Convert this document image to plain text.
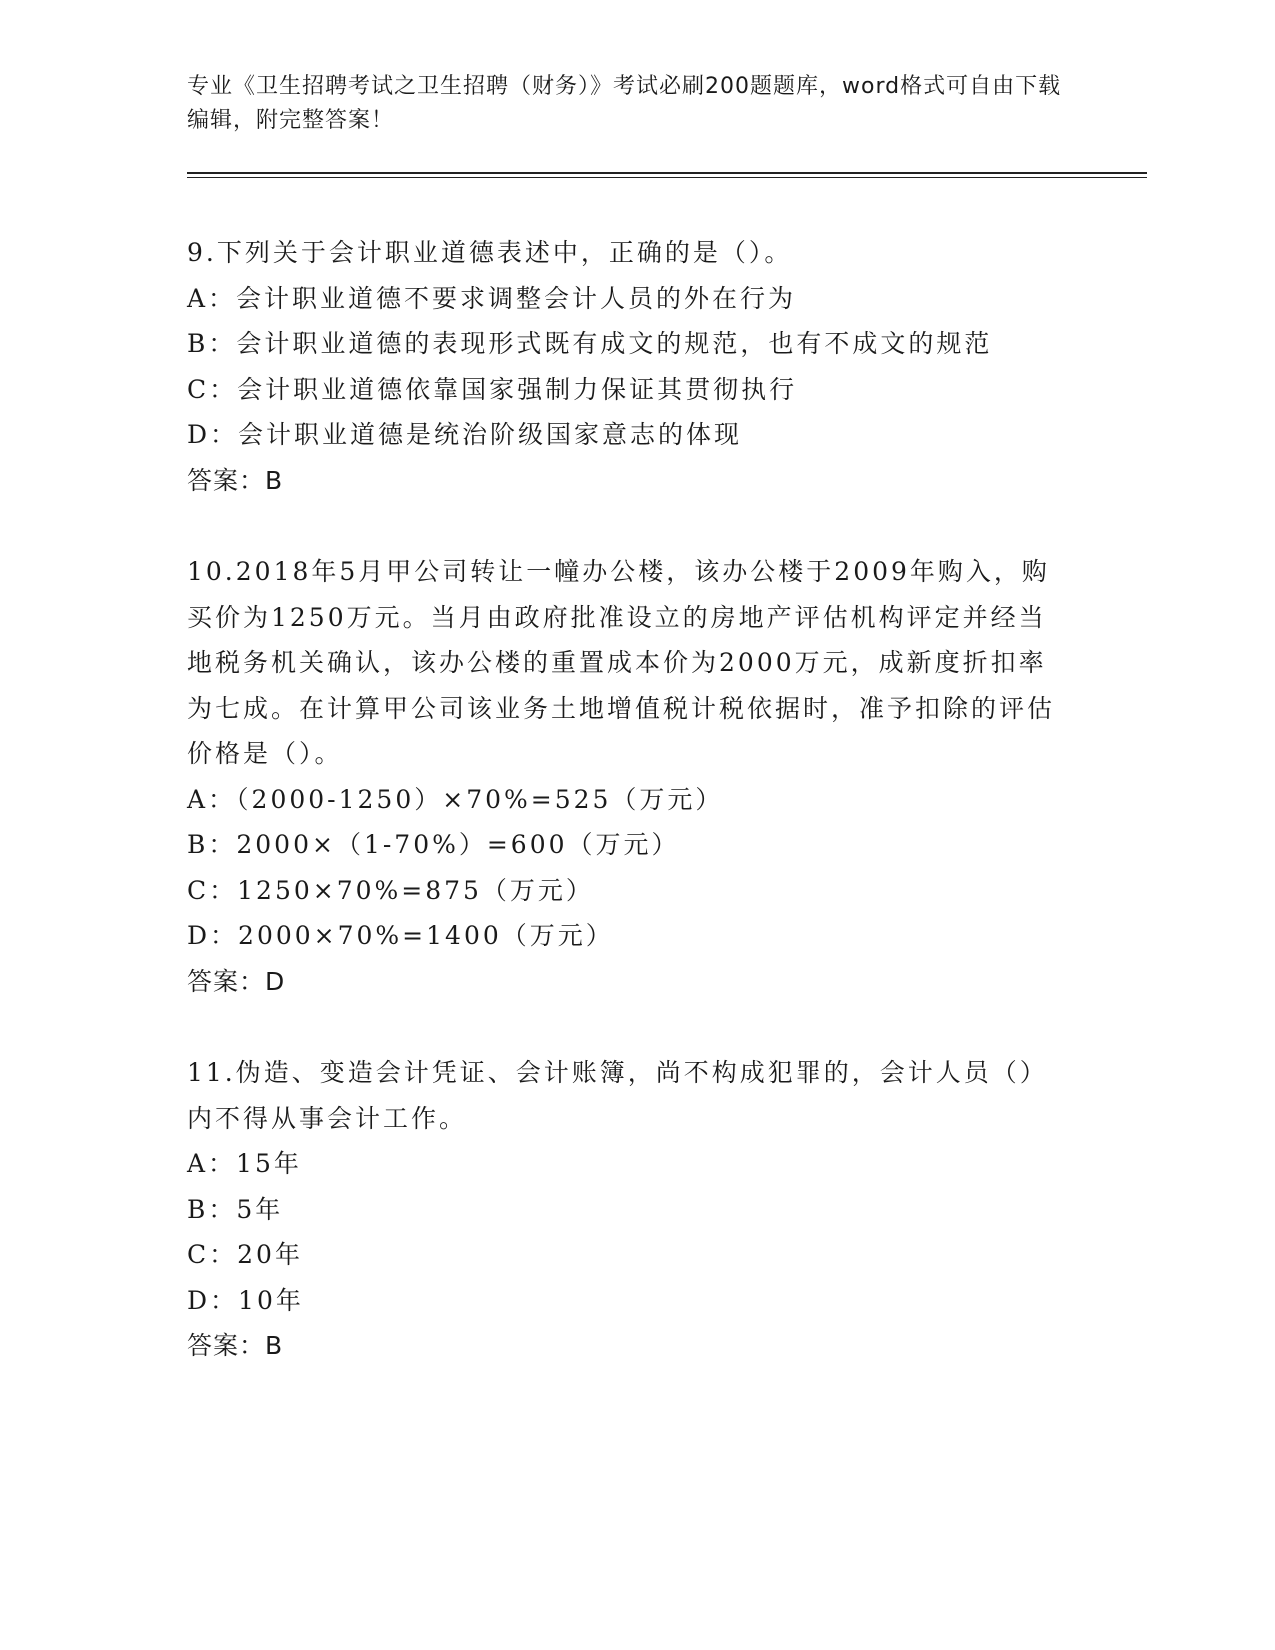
专业《卫生招聘考试之卫生招聘（财务）》考试必刷200题题库，word格式可自由下载编辑，附完整答案！

9.下列关于会计职业道德表述中，正确的是（）。

A：会计职业道德不要求调整会计人员的外在行为

B：会计职业道德的表现形式既有成文的规范，也有不成文的规范

C：会计职业道德依靠国家强制力保证其贯彻执行

D：会计职业道德是统治阶级国家意志的体现

答案：B

10.2018年5月甲公司转让一幢办公楼，该办公楼于2009年购入，购买价为1250万元。当月由政府批准设立的房地产评估机构评定并经当地税务机关确认，该办公楼的重置成本价为2000万元，成新度折扣率为七成。在计算甲公司该业务土地增值税计税依据时，准予扣除的评估价格是（）。

A：（2000-1250）×70%=525（万元）

B：2000×（1-70%）=600（万元）

C：1250×70%=875（万元）

D：2000×70%=1400（万元）

答案：D

11.伪造、变造会计凭证、会计账簿，尚不构成犯罪的，会计人员（）内不得从事会计工作。

A：15年

B：5年

C：20年

D：10年

答案：B
